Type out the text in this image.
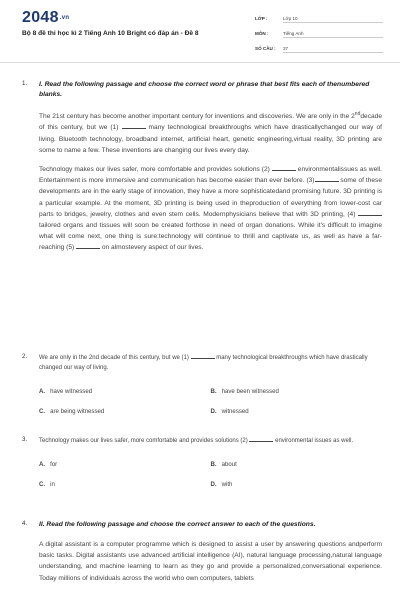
2048.vn
Bộ 8 đề thi học kì 2 Tiếng Anh 10 Bright có đáp án - Đề 8
LỚP :	Lớp 10
MÔN :	Tiếng Anh
SỐ CÂU : 37
1. I. Read the following passage and choose the correct word or phrase that best fits each of thenumbered blanks.
The 21st century has become another important century for inventions and discoveries. We are only in the 2nddecade of this century, but we (1)	many technological breakthroughs which have drasticallychanged our way of living. Bluetooth technology, broadband internet, artificial heart, genetic engineering,virtual reality, 3D printing are some to name a few. These inventions are changing our lives every day.
Technology makes our lives safer, more comfortable and provides solutions (2)	environmentalissues as well. Entertainment is more immersive and communication has become easier than ever before. (3)	some of these developments are in the early stage of innovation, they have a more sophisticatedand promising future. 3D printing is a particular example. At the moment, 3D printing is being used in theproduction of everything from lower-cost car parts to bridges, jewelry, clothes and even stem cells. Modernphysicians believe that with 3D printing, (4)  tailored organs and tissues will soon be created forthose in need of organ donations. While it's difficult to imagine what will come next, one thing is sure:technology will continue to thrill and captivate us, as well as have a far-reaching (5)	on almostevery aspect of our lives.
2. We are only in the 2nd decade of this century, but we (1)	many technological breakthroughs which have drastically changed our way of living.
A. have witnessed	B. have been witnessed
C. are being witnessed	D. witnessed
3. Technology makes our lives safer, more comfortable and provides solutions (2)	environmental issues as well.
A. for	B. about
C. in	D. with
4. II. Read the following passage and choose the correct answer to each of the questions.
A digital assistant is a computer programme which is designed to assist a user by answering questions andperform basic tasks. Digital assistants use advanced artificial intelligence (AI), natural language processing,natural language understanding, and machine learning to learn as they go and provide a personalized,conversational experience. Today millions of individuals across the world who own computers, tablets
